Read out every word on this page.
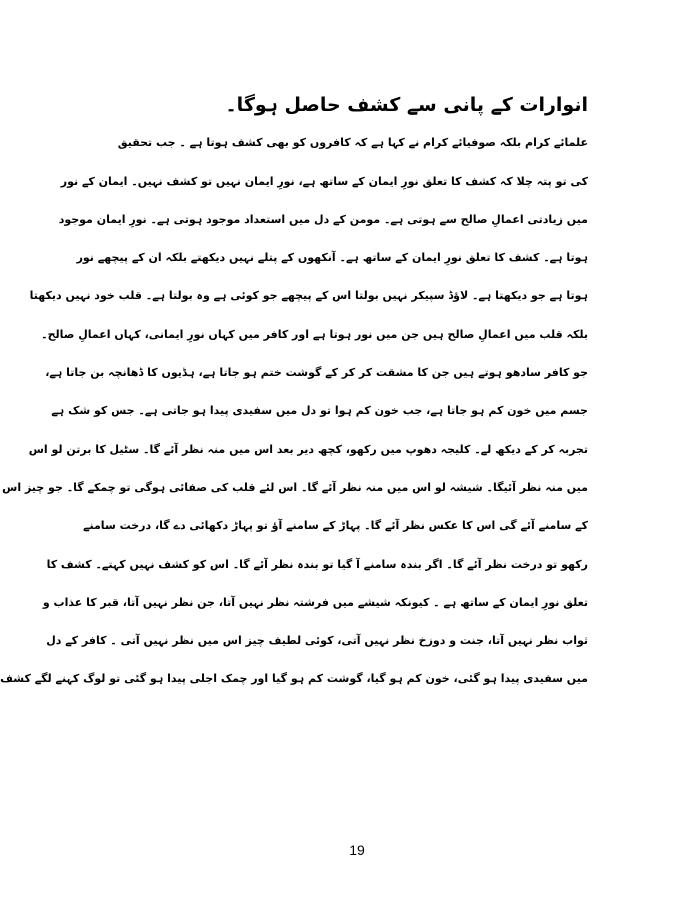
انوارات کے پانی سے کشف حاصل ہوگا۔
علمائے کرام بلکہ صوفیائے کرام نے کہا ہے کہ کافروں کو بھی کشف ہوتا ہے ۔ جب تحقیق
کی تو پتہ چلا کہ کشف کا تعلق نورِ ایمان کے ساتھ ہے، نورِ ایمان نہیں تو کشف نہیں۔ ایمان کے نور
میں زیادتی اعمالِ صالح سے ہوتی ہے۔ مومن کے دل میں استعداد موجود ہوتی ہے۔ نورِ ایمان موجود
ہوتا ہے۔ کشف کا تعلق نورِ ایمان کے ساتھ ہے۔ آنکھوں کے پتلے نہیں دیکھتے بلکہ ان کے پیچھے نور
ہوتا ہے جو دیکھتا ہے۔ لاؤڈ سپیکر نہیں بولتا اس کے پیچھے جو کوئی ہے وہ بولتا ہے۔ قلب خود نہیں دیکھتا
بلکہ قلب میں اعمالِ صالح ہیں جن میں نور ہوتا ہے اور کافر میں کہاں نورِ ایمانی، کہاں اعمالِ صالح۔
جو کافر سادھو ہوتے ہیں جن کا مشقت کر کر کے گوشت ختم ہو جاتا ہے، ہڈیوں کا ڈھانچہ بن جاتا ہے،
جسم میں خون کم ہو جاتا ہے، جب خون کم ہوا تو دل میں سفیدی پیدا ہو جاتی ہے۔ جس کو شک ہے
تجربہ کر کے دیکھ لے۔ کلیجہ دھوپ میں رکھو، کچھ دیر بعد اس میں منہ نظر آئے گا۔ سٹیل کا برتن لو اس
میں منہ نظر آئیگا۔ شیشہ لو اس میں منہ نظر آئے گا۔ اس لئے قلب کی صفائی ہوگی تو چمکے گا۔ جو چیز اس
کے سامنے آئے گی اس کا عکس نظر آئے گا۔ پہاڑ کے سامنے آؤ تو پہاڑ دکھائی دے گا، درخت سامنے
رکھو تو درخت نظر آئے گا۔ اگر بندہ سامنے آ گیا تو بندہ نظر آئے گا۔ اس کو کشف نہیں کہتے۔ کشف کا
تعلق نورِ ایمان کے ساتھ ہے ۔ کیونکہ شیشے میں فرشتہ نظر نہیں آتا، جن نظر نہیں آتا، قبر کا عذاب و
ثواب نظر نہیں آتا، جنت و دوزخ نظر نہیں آتی، کوئی لطیف چیز اس میں نظر نہیں آتی ۔ کافر کے دل
میں سفیدی پیدا ہو گئی، خون کم ہو گیا، گوشت کم ہو گیا اور چمک اجلی پیدا ہو گئی تو لوگ کہنے لگے کشف
19
